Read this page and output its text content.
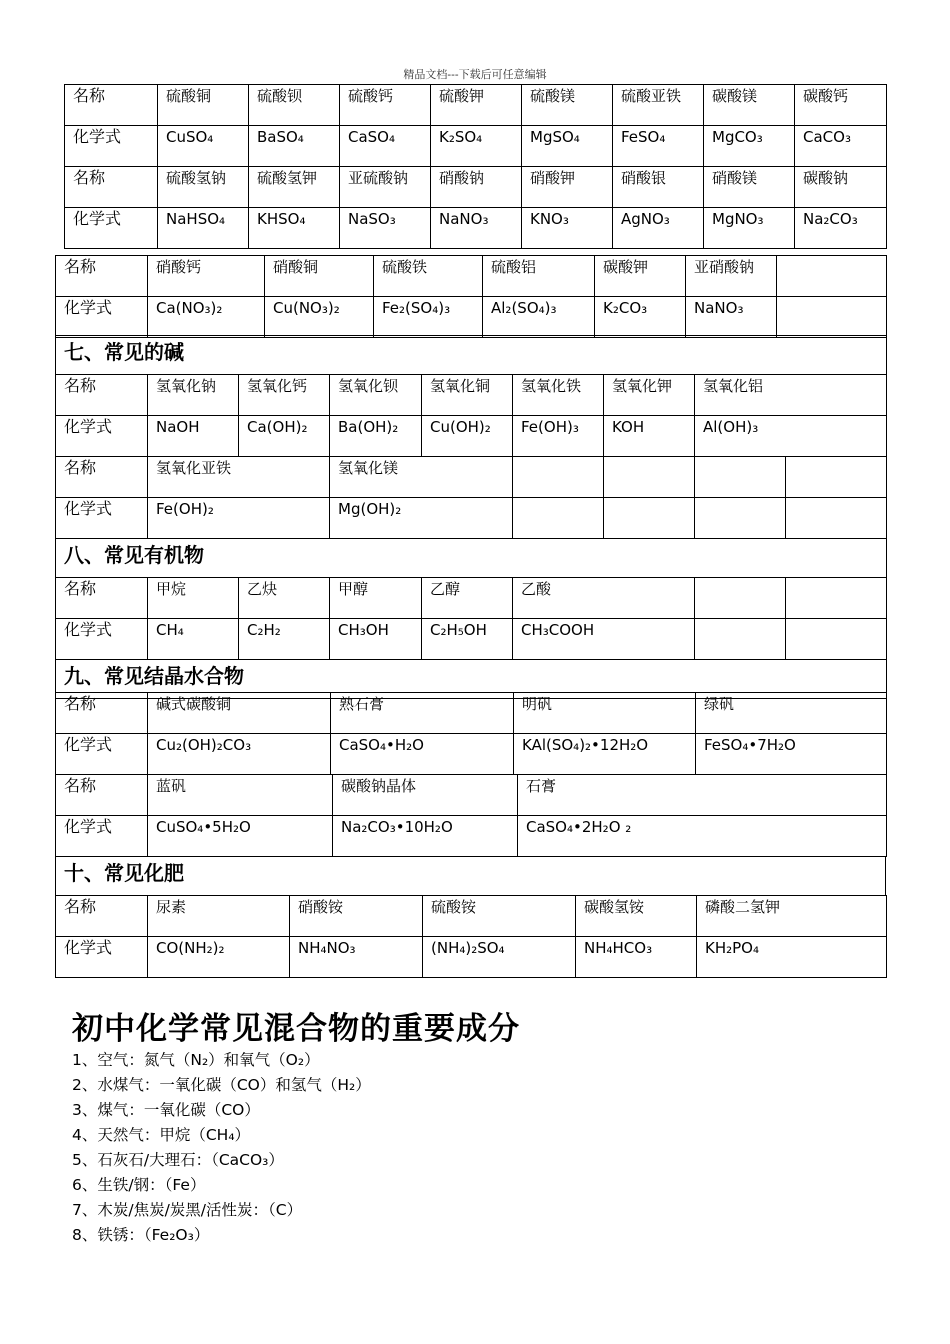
精品文档---下载后可任意编辑
名称	硫酸铜	硫酸钡	硫酸钙	硫酸钾	硫酸镁	硫酸亚铁	碳酸镁	碳酸钙
化学式	CuSO₄	BaSO₄	CaSO₄	K₂SO₄	MgSO₄	FeSO₄	MgCO₃	CaCO₃
名称	硫酸氢钠	硫酸氢钾	亚硫酸钠	硝酸钠	硝酸钾	硝酸银	硝酸镁	碳酸钠
化学式	NaHSO₄	KHSO₄	NaSO₃	NaNO₃	KNO₃	AgNO₃	MgNO₃	Na₂CO₃
名称	硝酸钙	硝酸铜	硫酸铁	硫酸铝	碳酸钾	亚硝酸钠	
化学式	Ca(NO₃)₂	Cu(NO₃)₂	Fe₂(SO₄)₃	Al₂(SO₄)₃	K₂CO₃	NaNO₃	
七、常见的碱								
名称	氢氧化钠	氢氧化钙	氢氧化钡	氢氧化铜	氢氧化铁	氢氧化钾	氢氧化铝	
化学式	NaOH	Ca(OH)₂	Ba(OH)₂	Cu(OH)₂	Fe(OH)₃	KOH	Al(OH)₃	
名称	氢氧化亚铁		氢氧化镁					
化学式	Fe(OH)₂		Mg(OH)₂					
八、常见有机物								
名称	甲烷	乙炔	甲醇	乙醇	乙酸			
化学式	CH₄	C₂H₂	CH₃OH	C₂H₅OH	CH₃COOH			
九、常见结晶水合物								
名称	碱式碳酸铜	熟石膏	明矾	绿矾
化学式	Cu₂(OH)₂CO₃	CaSO₄•H₂O	KAl(SO₄)₂•12H₂O	FeSO₄•7H₂O
名称	蓝矾	碳酸钠晶体	石膏
化学式	CuSO₄•5H₂O	Na₂CO₃•10H₂O	CaSO₄•2H₂O ₂
十、常见化肥
名称	尿素	硝酸铵	硫酸铵	碳酸氢铵	磷酸二氢钾
化学式	CO(NH₂)₂	NH₄NO₃	(NH₄)₂SO₄	NH₄HCO₃	KH₂PO₄
初中化学常见混合物的重要成分
1、空气：氮气（N₂）和氧气（O₂）
2、水煤气：一氧化碳（CO）和氢气（H₂）
3、煤气：一氧化碳（CO）
4、天然气：甲烷（CH₄）
5、石灰石/大理石：（CaCO₃）
6、生铁/钢：（Fe）
7、木炭/焦炭/炭黑/活性炭：（C）
8、铁锈：（Fe₂O₃）
